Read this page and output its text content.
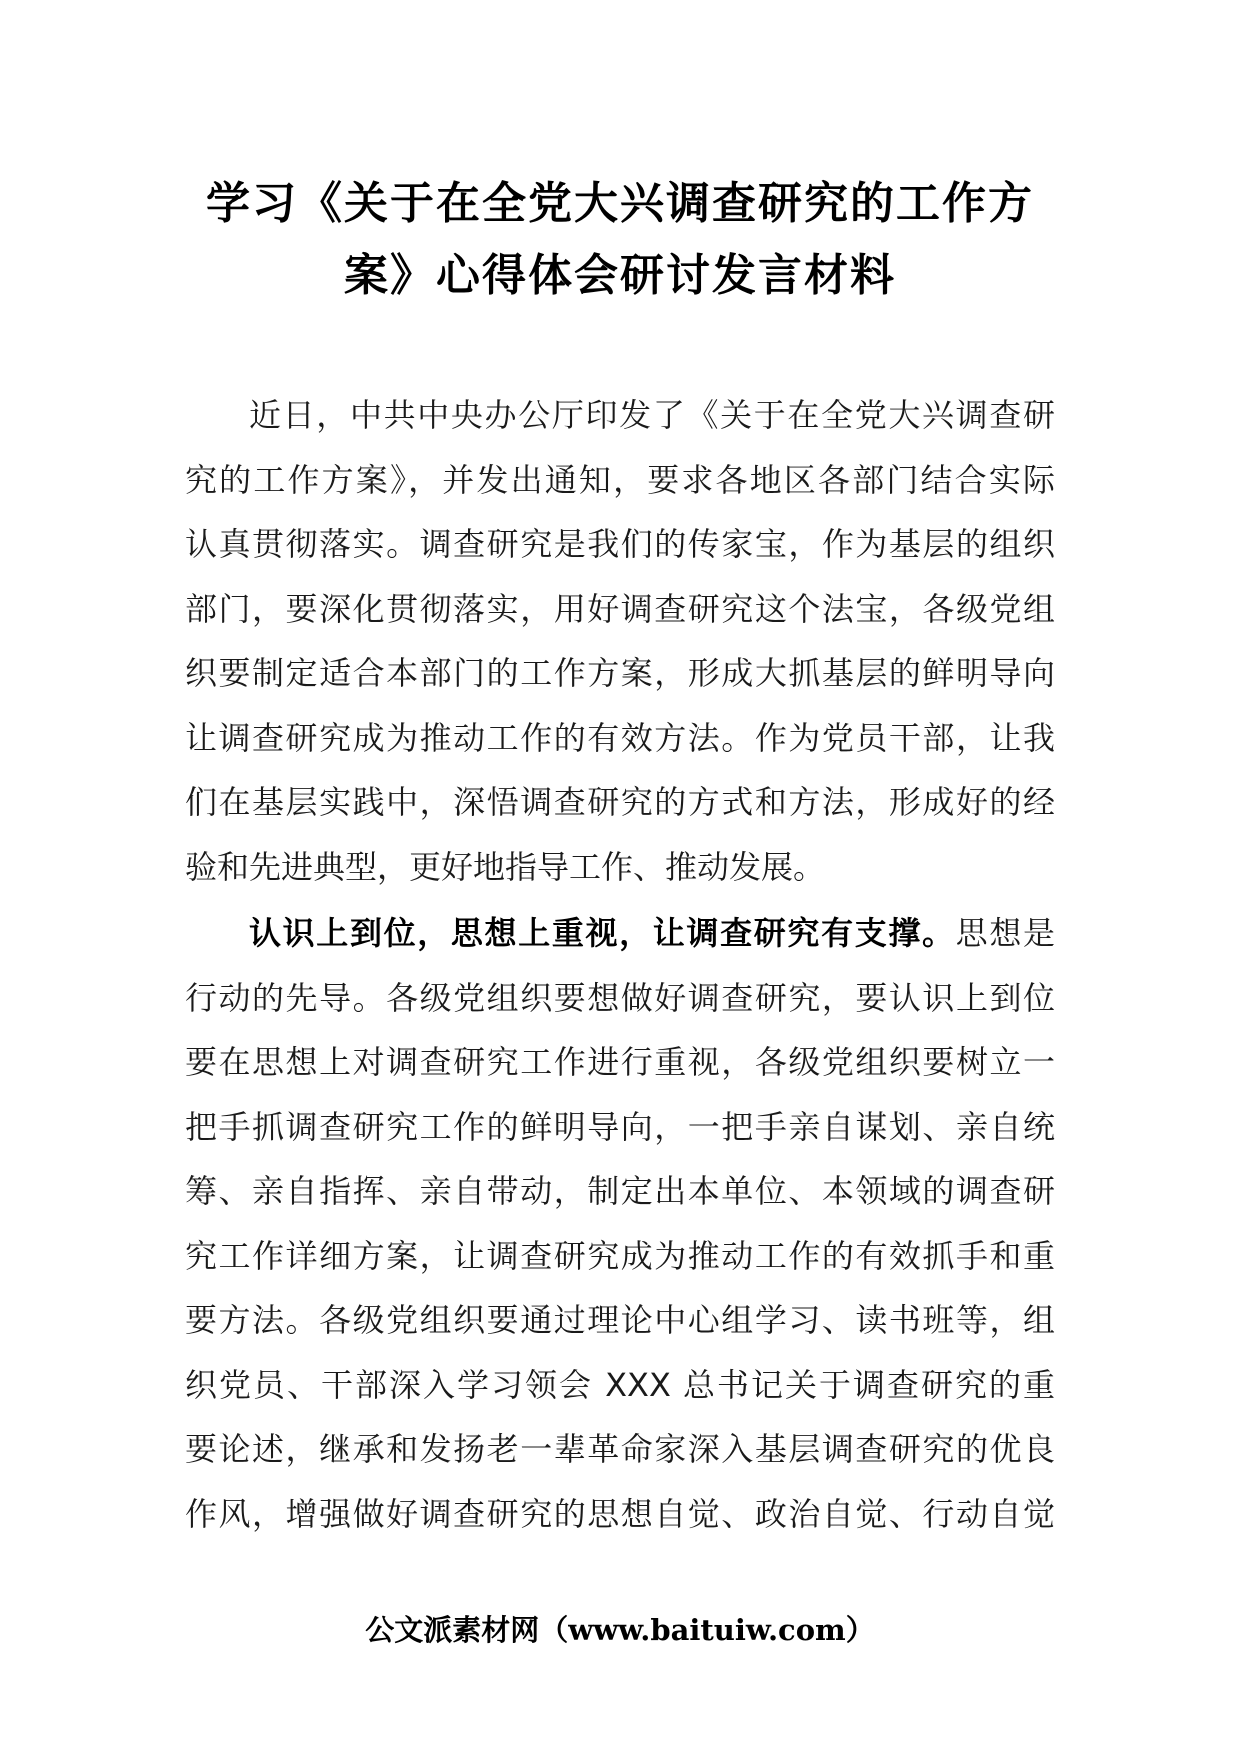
学习《关于在全党大兴调查研究的工作方
案》心得体会研讨发言材料
近日，中共中央办公厅印发了《关于在全党大兴调查研
究的工作方案》，并发出通知，要求各地区各部门结合实际
认真贯彻落实。调查研究是我们的传家宝，作为基层的组织
部门，要深化贯彻落实，用好调查研究这个法宝，各级党组
织要制定适合本部门的工作方案，形成大抓基层的鲜明导向
让调查研究成为推动工作的有效方法。作为党员干部，让我
们在基层实践中，深悟调查研究的方式和方法，形成好的经
验和先进典型，更好地指导工作、推动发展。
认识上到位，思想上重视，让调查研究有支撑。思想是
行动的先导。各级党组织要想做好调查研究，要认识上到位
要在思想上对调查研究工作进行重视，各级党组织要树立一
把手抓调查研究工作的鲜明导向，一把手亲自谋划、亲自统
筹、亲自指挥、亲自带动，制定出本单位、本领域的调查研
究工作详细方案，让调查研究成为推动工作的有效抓手和重
要方法。各级党组织要通过理论中心组学习、读书班等，组
织党员、干部深入学习领会 XXX 总书记关于调查研究的重
要论述，继承和发扬老一辈革命家深入基层调查研究的优良
作风，增强做好调查研究的思想自觉、政治自觉、行动自觉
公文派素材网（www.baituiw.com）
